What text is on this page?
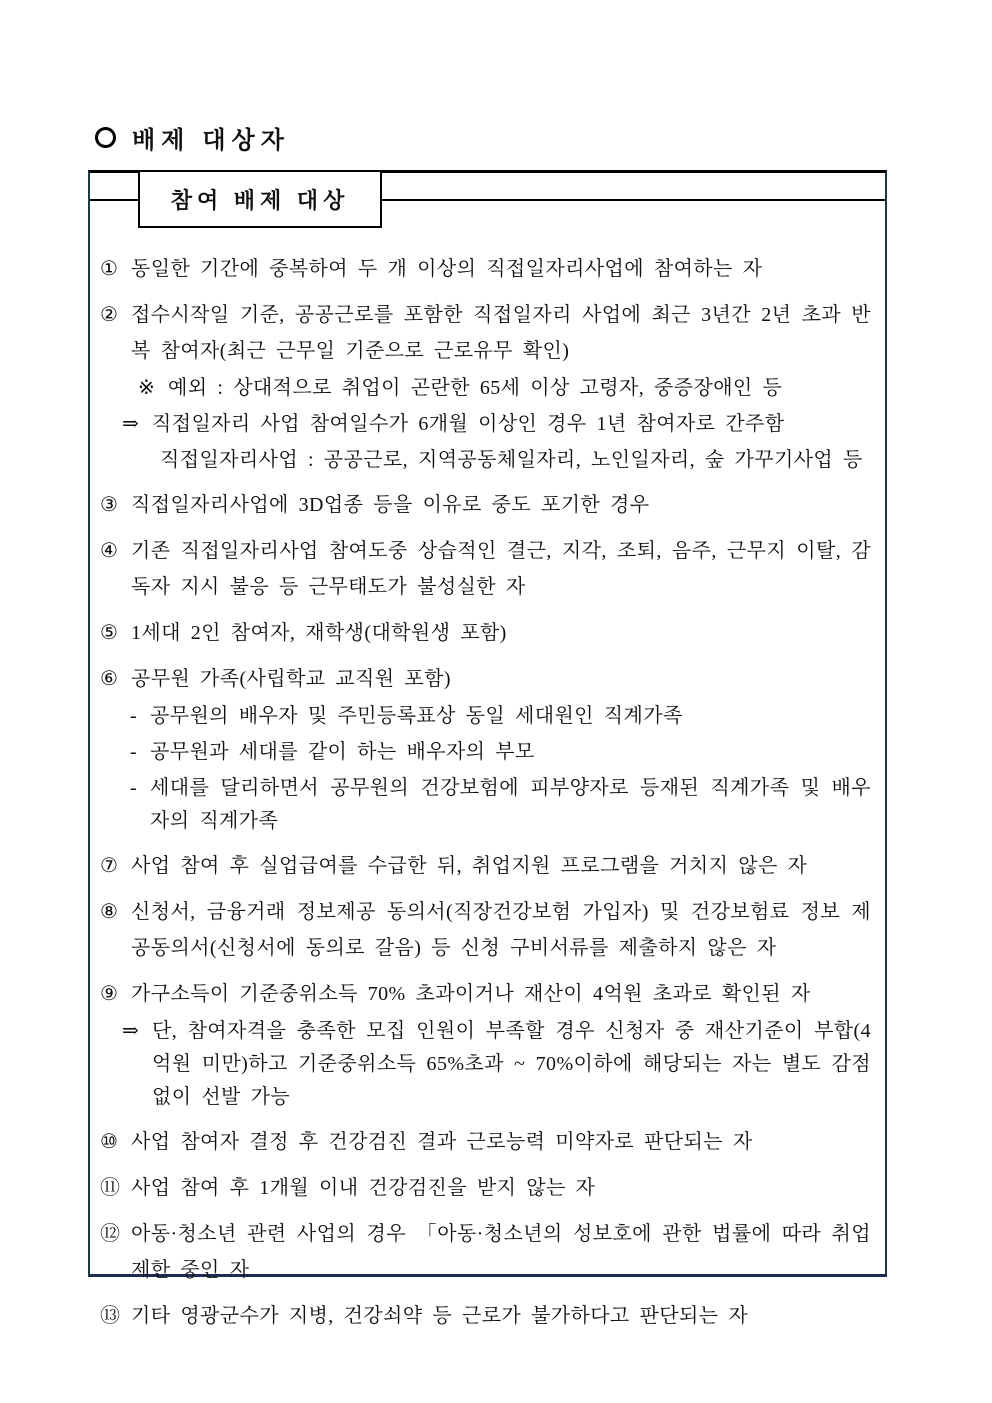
배제 대상자
참여 배제 대상
① 동일한 기간에 중복하여 두 개 이상의 직접일자리사업에 참여하는 자
② 접수시작일 기준, 공공근로를 포함한 직접일자리 사업에 최근 3년간 2년 초과 반복 참여자(최근 근무일 기준으로 근로유무 확인)
※ 예외 : 상대적으로 취업이 곤란한 65세 이상 고령자, 중증장애인 등
⇒ 직접일자리 사업 참여일수가 6개월 이상인 경우 1년 참여자로 간주함
직접일자리사업 : 공공근로, 지역공동체일자리, 노인일자리, 숲 가꾸기사업 등
③ 직접일자리사업에 3D업종 등을 이유로 중도 포기한 경우
④ 기존 직접일자리사업 참여도중 상습적인 결근, 지각, 조퇴, 음주, 근무지 이탈, 감독자 지시 불응 등 근무태도가 불성실한 자
⑤ 1세대 2인 참여자, 재학생(대학원생 포함)
⑥ 공무원 가족(사립학교 교직원 포함)
- 공무원의 배우자 및 주민등록표상 동일 세대원인 직계가족
- 공무원과 세대를 같이 하는 배우자의 부모
- 세대를 달리하면서 공무원의 건강보험에 피부양자로 등재된 직계가족 및 배우자의 직계가족
⑦ 사업 참여 후 실업급여를 수급한 뒤, 취업지원 프로그램을 거치지 않은 자
⑧ 신청서, 금융거래 정보제공 동의서(직장건강보험 가입자) 및 건강보험료 정보 제공동의서(신청서에 동의로 갈음) 등 신청 구비서류를 제출하지 않은 자
⑨ 가구소득이 기준중위소득 70% 초과이거나 재산이 4억원 초과로 확인된 자
⇒ 단, 참여자격을 충족한 모집 인원이 부족할 경우 신청자 중 재산기준이 부합(4억원 미만)하고 기준중위소득 65%초과 ~ 70%이하에 해당되는 자는 별도 감점없이 선발 가능
⑩ 사업 참여자 결정 후 건강검진 결과 근로능력 미약자로 판단되는 자
⑪ 사업 참여 후 1개월 이내 건강검진을 받지 않는 자
⑫ 아동·청소년 관련 사업의 경우 「아동·청소년의 성보호에 관한 법률에 따라 취업제한 중인 자
⑬ 기타 영광군수가 지병, 건강쇠약 등 근로가 불가하다고 판단되는 자
